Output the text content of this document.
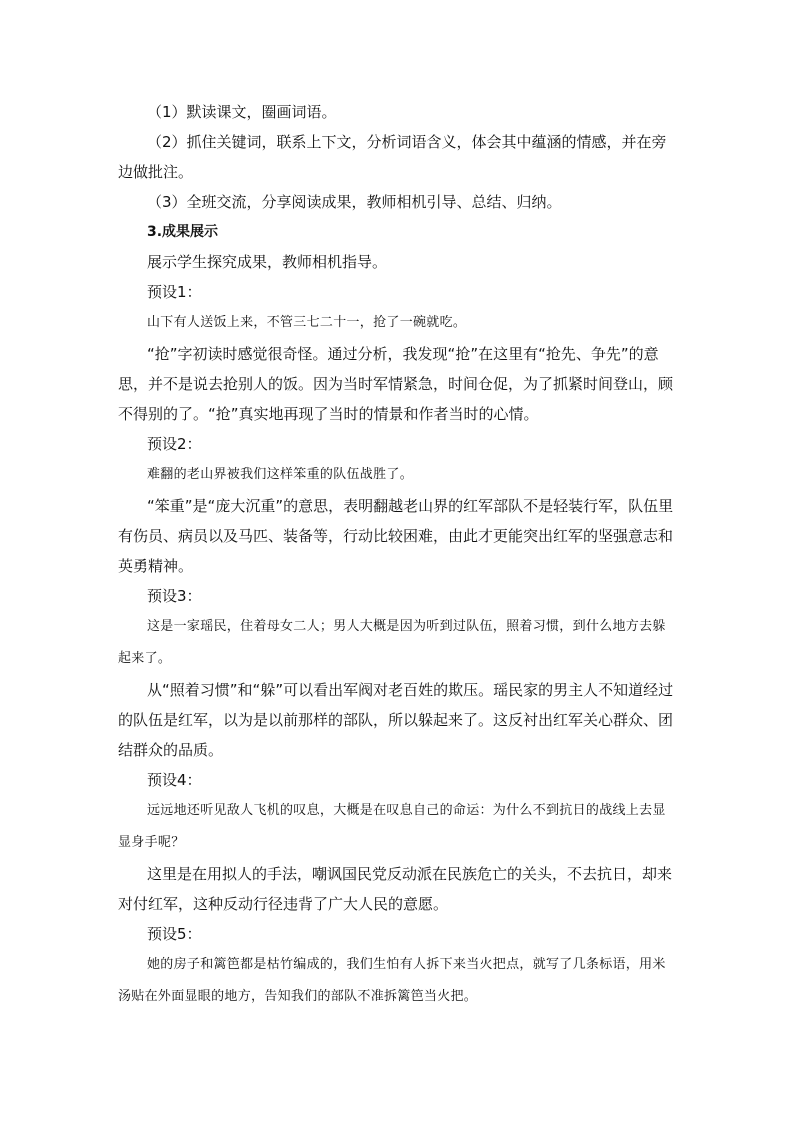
（1）默读课文，圈画词语。

（2）抓住关键词，联系上下文，分析词语含义，体会其中蕴涵的情感，并在旁边做批注。

（3）全班交流，分享阅读成果，教师相机引导、总结、归纳。

3.成果展示

展示学生探究成果，教师相机指导。

预设1：

山下有人送饭上来，不管三七二十一，抢了一碗就吃。

“抢”字初读时感觉很奇怪。通过分析，我发现“抢”在这里有“抢先、争先”的意思，并不是说去抢别人的饭。因为当时军情紧急，时间仓促，为了抓紧时间登山，顾不得别的了。“抢”真实地再现了当时的情景和作者当时的心情。

预设2：

难翻的老山界被我们这样笨重的队伍战胜了。

“笨重”是“庞大沉重”的意思，表明翻越老山界的红军部队不是轻装行军，队伍里有伤员、病员以及马匹、装备等，行动比较困难，由此才更能突出红军的坚强意志和英勇精神。

预设3：

这是一家瑶民，住着母女二人；男人大概是因为听到过队伍，照着习惯，到什么地方去躲起来了。

从“照着习惯”和“躲”可以看出军阀对老百姓的欺压。瑶民家的男主人不知道经过的队伍是红军，以为是以前那样的部队，所以躲起来了。这反衬出红军关心群众、团结群众的品质。

预设4：

远远地还听见敌人飞机的叹息，大概是在叹息自己的命运：为什么不到抗日的战线上去显显身手呢？

这里是在用拟人的手法，嘲讽国民党反动派在民族危亡的关头，不去抗日，却来对付红军，这种反动行径违背了广大人民的意愿。

预设5：

她的房子和篱笆都是枯竹编成的，我们生怕有人拆下来当火把点，就写了几条标语，用米汤贴在外面显眼的地方，告知我们的部队不准拆篱笆当火把。
